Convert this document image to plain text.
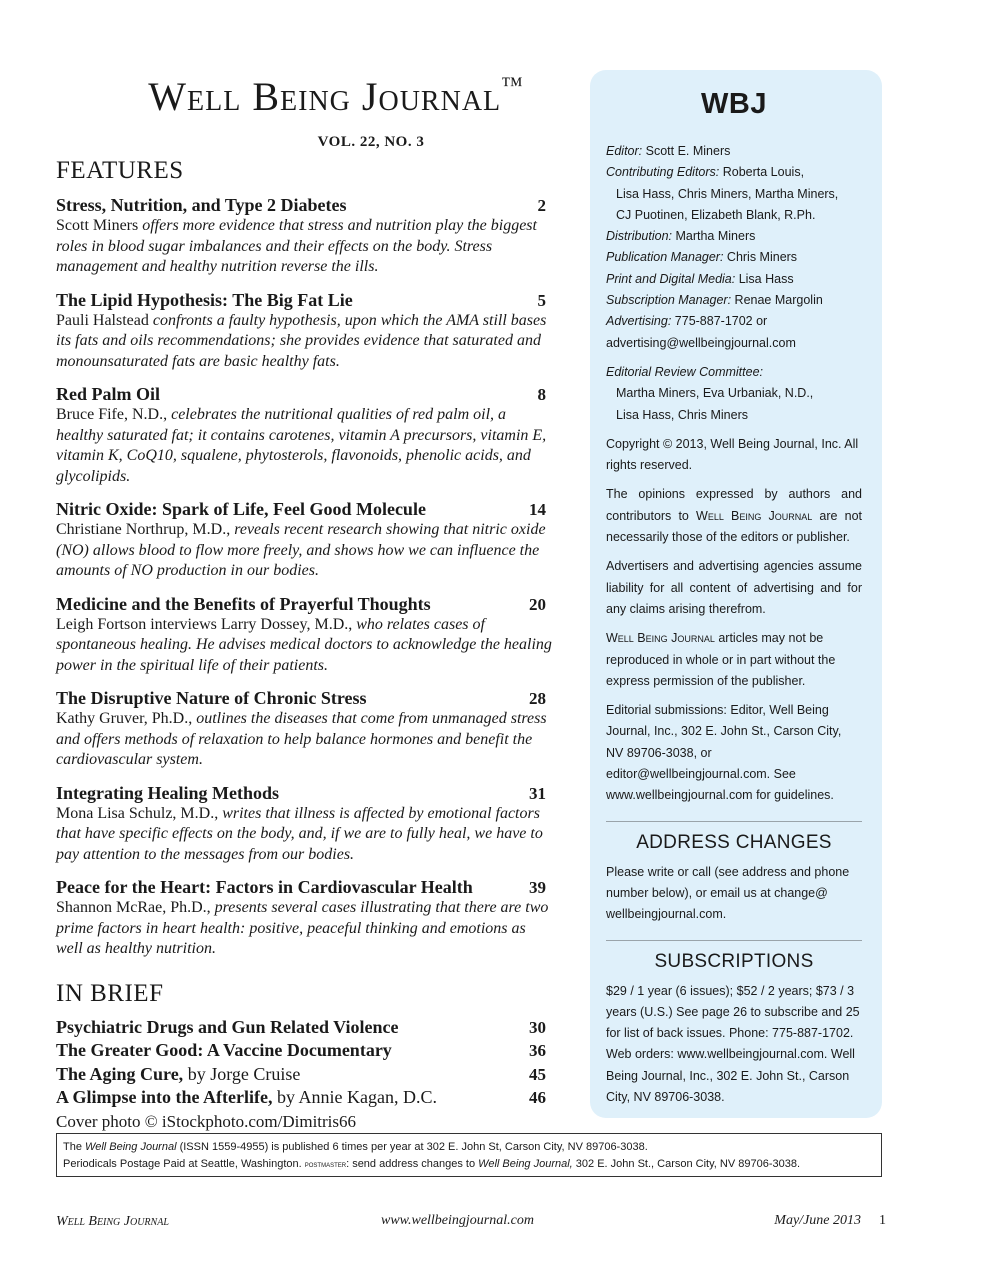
Well Being Journal™
VOL. 22, NO. 3
FEATURES
Stress, Nutrition, and Type 2 Diabetes	2
Scott Miners offers more evidence that stress and nutrition play the biggest roles in blood sugar imbalances and their effects on the body. Stress management and healthy nutrition reverse the ills.
The Lipid Hypothesis: The Big Fat Lie	5
Pauli Halstead confronts a faulty hypothesis, upon which the AMA still bases its fats and oils recommendations; she provides evidence that saturated and monounsaturated fats are basic healthy fats.
Red Palm Oil	8
Bruce Fife, N.D., celebrates the nutritional qualities of red palm oil, a healthy saturated fat; it contains carotenes, vitamin A precursors, vitamin E, vitamin K, CoQ10, squalene, phytosterols, flavonoids, phenolic acids, and glycolipids.
Nitric Oxide: Spark of Life, Feel Good Molecule	14
Christiane Northrup, M.D., reveals recent research showing that nitric oxide (NO) allows blood to flow more freely, and shows how we can influence the amounts of NO production in our bodies.
Medicine and the Benefits of Prayerful Thoughts	20
Leigh Fortson interviews Larry Dossey, M.D., who relates cases of spontaneous healing. He advises medical doctors to acknowledge the healing power in the spiritual life of their patients.
The Disruptive Nature of Chronic Stress	28
Kathy Gruver, Ph.D., outlines the diseases that come from unmanaged stress and offers methods of relaxation to help balance hormones and benefit the cardiovascular system.
Integrating Healing Methods	31
Mona Lisa Schulz, M.D., writes that illness is affected by emotional factors that have specific effects on the body, and, if we are to fully heal, we have to pay attention to the messages from our bodies.
Peace for the Heart: Factors in Cardiovascular Health	39
Shannon McRae, Ph.D., presents several cases illustrating that there are two prime factors in heart health: positive, peaceful thinking and emotions as well as healthy nutrition.
IN BRIEF
Psychiatric Drugs and Gun Related Violence	30
The Greater Good: A Vaccine Documentary	36
The Aging Cure, by Jorge Cruise	45
A Glimpse into the Afterlife, by Annie Kagan, D.C.	46
Cover photo © iStockphoto.com/Dimitris66
WBJ
Editor: Scott E. Miners
Contributing Editors: Roberta Louis,
Lisa Hass, Chris Miners, Martha Miners,
CJ Puotinen, Elizabeth Blank, R.Ph.
Distribution: Martha Miners
Publication Manager: Chris Miners
Print and Digital Media: Lisa Hass
Subscription Manager: Renae Margolin
Advertising: 775-887-1702 or
advertising@wellbeingjournal.com
Editorial Review Committee:
Martha Miners, Eva Urbaniak, N.D.,
Lisa Hass, Chris Miners
Copyright © 2013, Well Being Journal, Inc. All rights reserved.
The opinions expressed by authors and contributors to Well Being Journal are not necessarily those of the editors or publisher.
Advertisers and advertising agencies assume liability for all content of advertising and for any claims arising therefrom.
Well Being Journal articles may not be reproduced in whole or in part without the express permission of the publisher.
Editorial submissions: Editor, Well Being Journal, Inc., 302 E. John St., Carson City, NV 89706-3038, or editor@wellbeingjournal.com. See www.wellbeingjournal.com for guidelines.
ADDRESS CHANGES
Please write or call (see address and phone number below), or email us at change@ wellbeingjournal.com.
SUBSCRIPTIONS
$29 / 1 year (6 issues); $52 / 2 years; $73 / 3 years (U.S.) See page 26 to subscribe and 25 for list of back issues. Phone: 775-887-1702. Web orders: www.wellbeingjournal.com. Well Being Journal, Inc., 302 E. John St., Carson City, NV 89706-3038.
The Well Being Journal (ISSN 1559-4955) is published 6 times per year at 302 E. John St, Carson City, NV 89706-3038.
Periodicals Postage Paid at Seattle, Washington. postmaster: send address changes to Well Being Journal, 302 E. John St., Carson City, NV 89706-3038.
Well Being Journal	www.wellbeingjournal.com	May/June 2013 1
